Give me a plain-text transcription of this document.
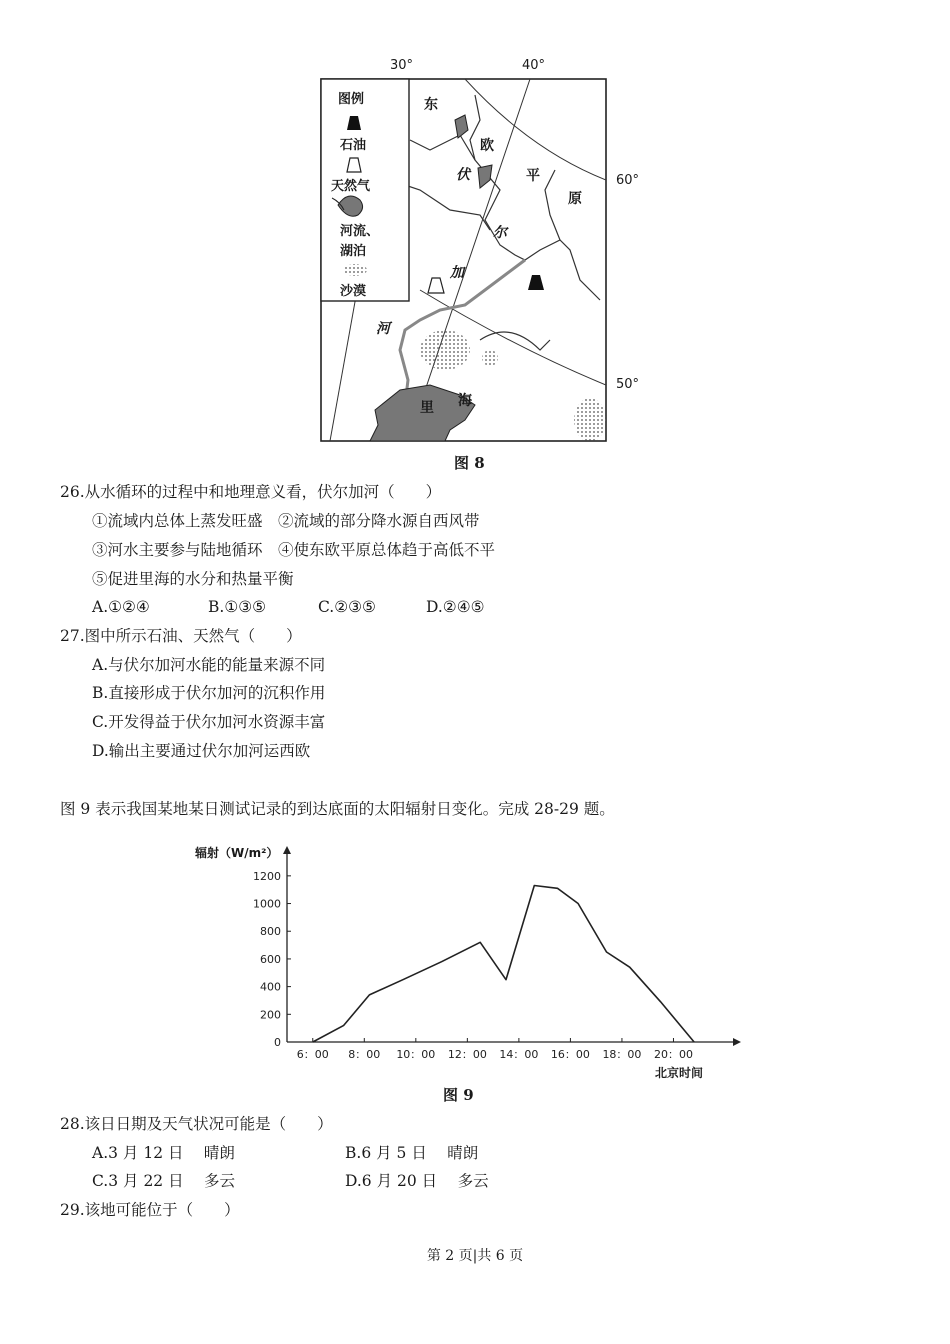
30°	40°
60°
50°
图例
石油
天然气
河流、
湖泊
沙漠
东
欧
平
原
伏
尔
加
河
里 海
图 8
26.从水循环的过程中和地理意义看，伏尔加河（　　）
①流域内总体上蒸发旺盛　②流域的部分降水源自西风带
③河水主要参与陆地循环　④使东欧平原总体趋于高低不平
⑤促进里海的水分和热量平衡
A.①②④	B.①③⑤	C.②③⑤	D.②④⑤
27.图中所示石油、天然气（　　）
A.与伏尔加河水能的能量来源不同
B.直接形成于伏尔加河的沉积作用
C.开发得益于伏尔加河水资源丰富
D.输出主要通过伏尔加河运西欧
图 9 表示我国某地某日测试记录的到达底面的太阳辐射日变化。完成 28-29 题。
辐射（W/m²）
北京时间
图 9
0
200
400
600
800
1000
1200
6：00 8：00 10：00 12：00 14：00 16：00 18：00 20：00
28.该日日期及天气状况可能是（　　）
A.3 月 12 日　 晴朗	B.6 月 5 日　 晴朗
C.3 月 22 日　 多云	D.6 月 20 日　 多云
29.该地可能位于（　　）
第 2 页|共 6 页
